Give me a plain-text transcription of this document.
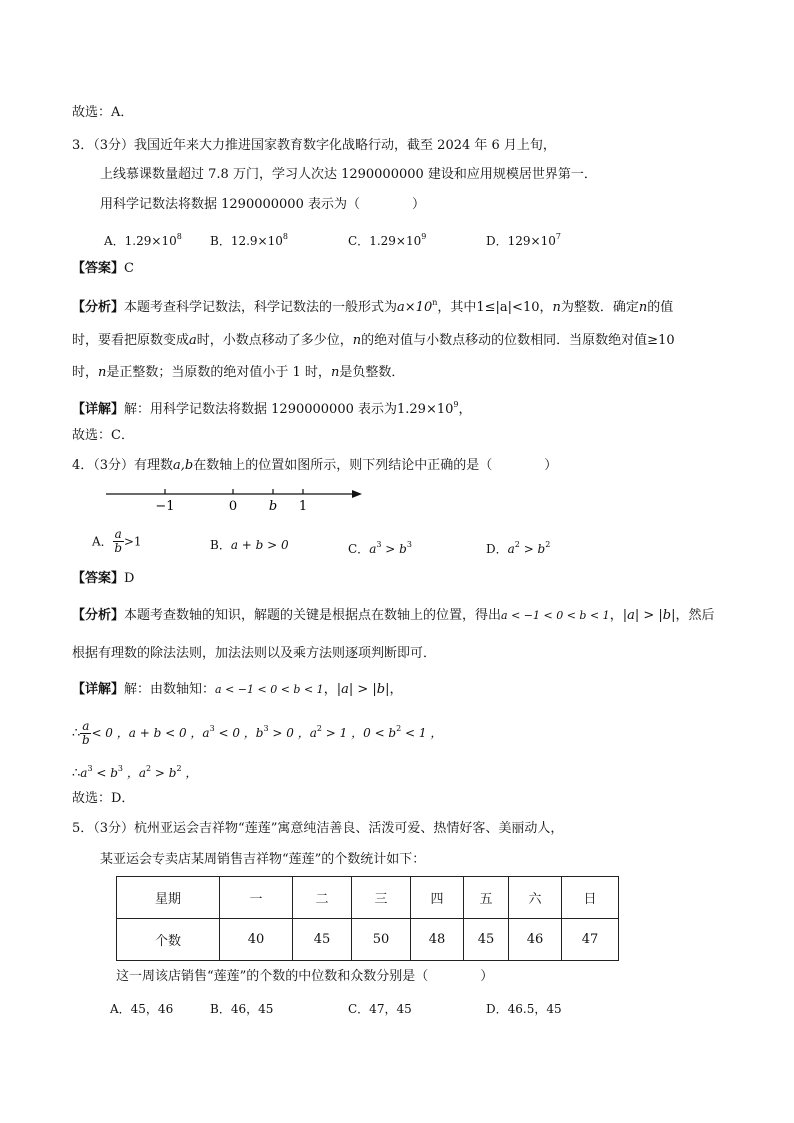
故选：A．
3．（3分）我国近年来大力推进国家教育数字化战略行动，截至 2024 年 6 月上旬，
上线慕课数量超过 7.8 万门，学习人次达 1290000000 建设和应用规模居世界第一．
用科学记数法将数据 1290000000 表示为（　　　　）
A．$1.29\times 10^8$ B．$12.9\times 10^8$	C．$1.29\times 10^9$	D．$129\times 10^7$
【答案】C
【分析】本题考查科学记数法，科学记数法的一般形式为$a\times 10^n$，其中1≤|a|<10，n为整数．确定n的值
时，要看把原数变成a时，小数点移动了多少位，n的绝对值与小数点移动的位数相同．当原数绝对值≥10
时，n是正整数；当原数的绝对值小于 1 时，n是负整数．
【详解】解：用科学记数法将数据 1290000000 表示为$1.29\times 10^9$，
故选：C．
4．（3分）有理数a,b在数轴上的位置如图所示，则下列结论中正确的是（　　　　）
−1	0 b 1
A． $\frac{a}{b} >1$	B．a + b > 0	C．$a^3 > b^3$	D．$a^2 > b^2$
【答案】D
【分析】本题考查数轴的知识，解题的关键是根据点在数轴上的位置，得出a < −1 < 0 < b < 1，|a| > |b|，然后
根据有理数的除法法则，加法法则以及乘方法则逐项判断即可．
【详解】解：由数轴知：a < −1 < 0 < b < 1，|a| > |b|，
∴ $\frac{a}{b} < 0$ ，a + b < 0 ，$a^3 < 0$ ，$b^3 > 0$ ，$a^2 > 1$ ，$0 < b^2 < 1$ ，
$\therefore a^3 < b^3$ ，$a^2 > b^2$ ，
故选：D．
5．（3分）杭州亚运会吉祥物“莲莲”寓意纯洁善良、活泼可爱、热情好客、美丽动人，
某亚运会专卖店某周销售吉祥物“莲莲”的个数统计如下：
星期	一	二	三	四	五	六	日
个数	40	45	50	48	45	46	47
这一周该店销售“莲莲”的个数的中位数和众数分别是（　　　　）
A．45，46	B．46，45	C．47，45	D．46.5，45
